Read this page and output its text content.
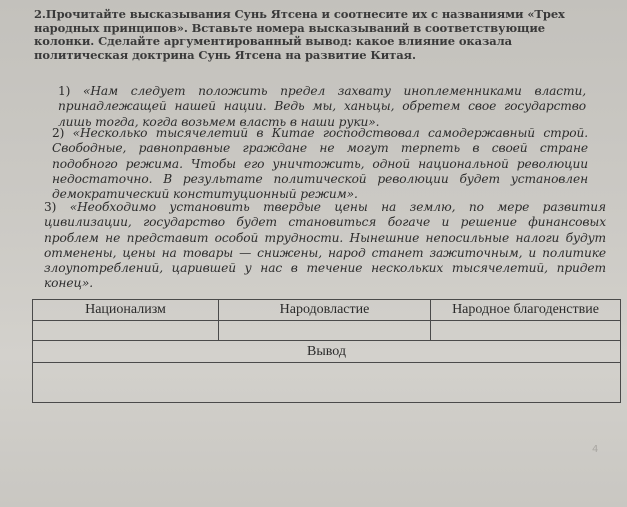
2.Прочитайте высказывания Сунь Ятсена и соотнесите их с названиями «Трех народных принципов». Вставьте номера высказываний в соответствующие колонки. Сделайте аргументированный вывод: какое влияние оказала политическая доктрина Сунь Ятсена на развитие Китая.
1) «Нам следует положить предел захвату иноплеменниками власти, принадлежащей нашей нации. Ведь мы, ханьцы, обретем свое государство лишь тогда, когда возьмем власть в наши руки».
2) «Несколько тысячелетий в Китае господствовал самодержавный строй. Свободные, равноправные граждане не могут терпеть в своей стране подобного режима. Чтобы его уничтожить, одной национальной революции недостаточно. В результате политической революции будет установлен демократический конституционный режим».
3) «Необходимо установить твердые цены на землю, по мере развития цивилизации, государство будет становиться богаче и решение финансовых проблем не представит особой трудности. Нынешние непосильные налоги будут отменены, цены на товары — снижены, народ станет зажиточным, и политике злоупотреблений, царившей у нас в течение нескольких тысячелетий, придет конец».
Национализм	Народовластие	Народное благоденствие

Вывод		

4
